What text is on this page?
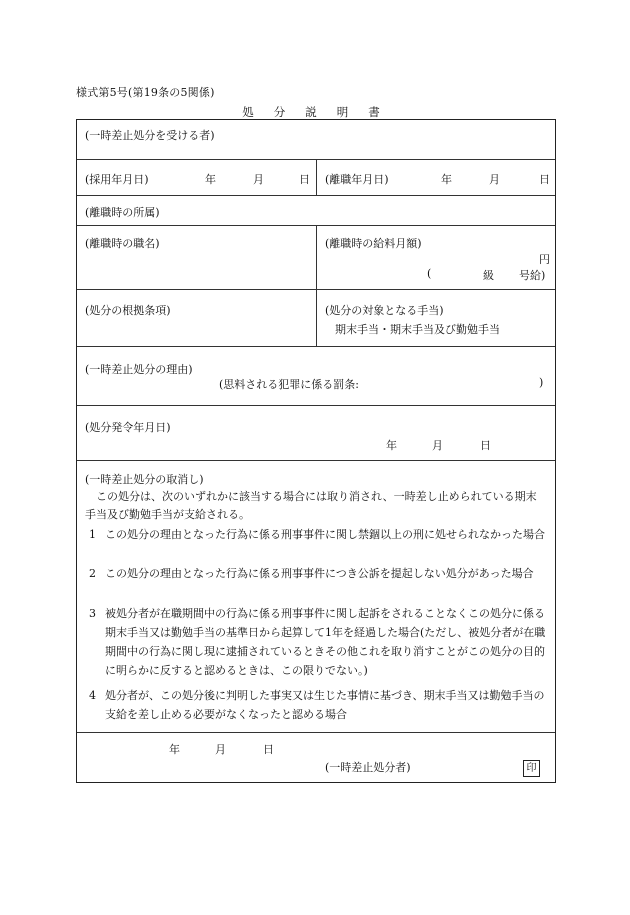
様式第5号(第19条の5関係)
処分説明書
(一時差止処分を受ける者)
(採用年月日)	年	月	日 (離職年月日)	年	月	日
(離職時の所属)
(離職時の職名)	(離職時の給料月額)
円
(	級 号給)
(処分の根拠条項)	(処分の対象となる手当)
期末手当・期末手当及び勤勉手当
(一時差止処分の理由)
(思料される犯罪に係る罰条:	)
(処分発令年月日)
年	月	日
(一時差止処分の取消し)
この処分は、次のいずれかに該当する場合には取り消され、一時差し止められている期末手当及び勤勉手当が支給される。
1 この処分の理由となった行為に係る刑事事件に関し禁錮以上の刑に処せられなかった場合
2 この処分の理由となった行為に係る刑事事件につき公訴を提起しない処分があった場合
3 被処分者が在職期間中の行為に係る刑事事件に関し起訴をされることなくこの処分に係る期末手当又は勤勉手当の基準日から起算して1年を経過した場合(ただし、被処分者が在職期間中の行為に関し現に逮捕されているときその他これを取り消すことがこの処分の目的に明らかに反すると認めるときは、この限りでない。)
4 処分者が、この処分後に判明した事実又は生じた事情に基づき、期末手当又は勤勉手当の支給を差し止める必要がなくなったと認める場合
年	月	日
(一時差止処分者)	印
